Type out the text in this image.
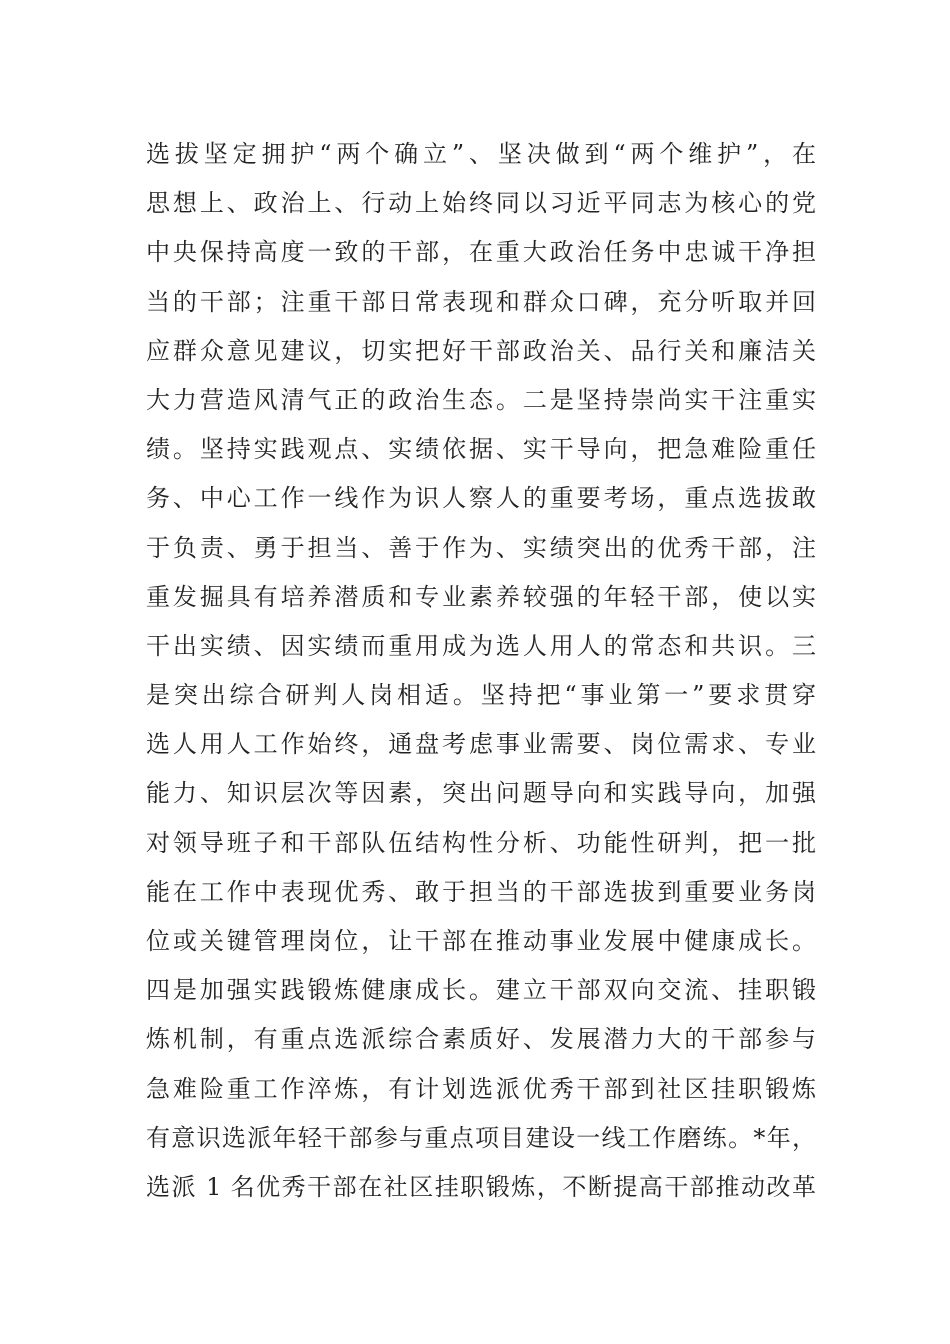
选拔坚定拥护“两个确立”、坚决做到“两个维护”，在
思想上、政治上、行动上始终同以习近平同志为核心的党
中央保持高度一致的干部，在重大政治任务中忠诚干净担
当的干部；注重干部日常表现和群众口碑，充分听取并回
应群众意见建议，切实把好干部政治关、品行关和廉洁关
大力营造风清气正的政治生态。二是坚持崇尚实干注重实
绩。坚持实践观点、实绩依据、实干导向，把急难险重任
务、中心工作一线作为识人察人的重要考场，重点选拔敢
于负责、勇于担当、善于作为、实绩突出的优秀干部，注
重发掘具有培养潜质和专业素养较强的年轻干部，使以实
干出实绩、因实绩而重用成为选人用人的常态和共识。三
是突出综合研判人岗相适。坚持把“事业第一”要求贯穿
选人用人工作始终，通盘考虑事业需要、岗位需求、专业
能力、知识层次等因素，突出问题导向和实践导向，加强
对领导班子和干部队伍结构性分析、功能性研判，把一批
能在工作中表现优秀、敢于担当的干部选拔到重要业务岗
位或关键管理岗位，让干部在推动事业发展中健康成长。
四是加强实践锻炼健康成长。建立干部双向交流、挂职锻
炼机制，有重点选派综合素质好、发展潜力大的干部参与
急难险重工作淬炼，有计划选派优秀干部到社区挂职锻炼
有意识选派年轻干部参与重点项目建设一线工作磨练。*年，
选派 1 名优秀干部在社区挂职锻炼，不断提高干部推动改革
